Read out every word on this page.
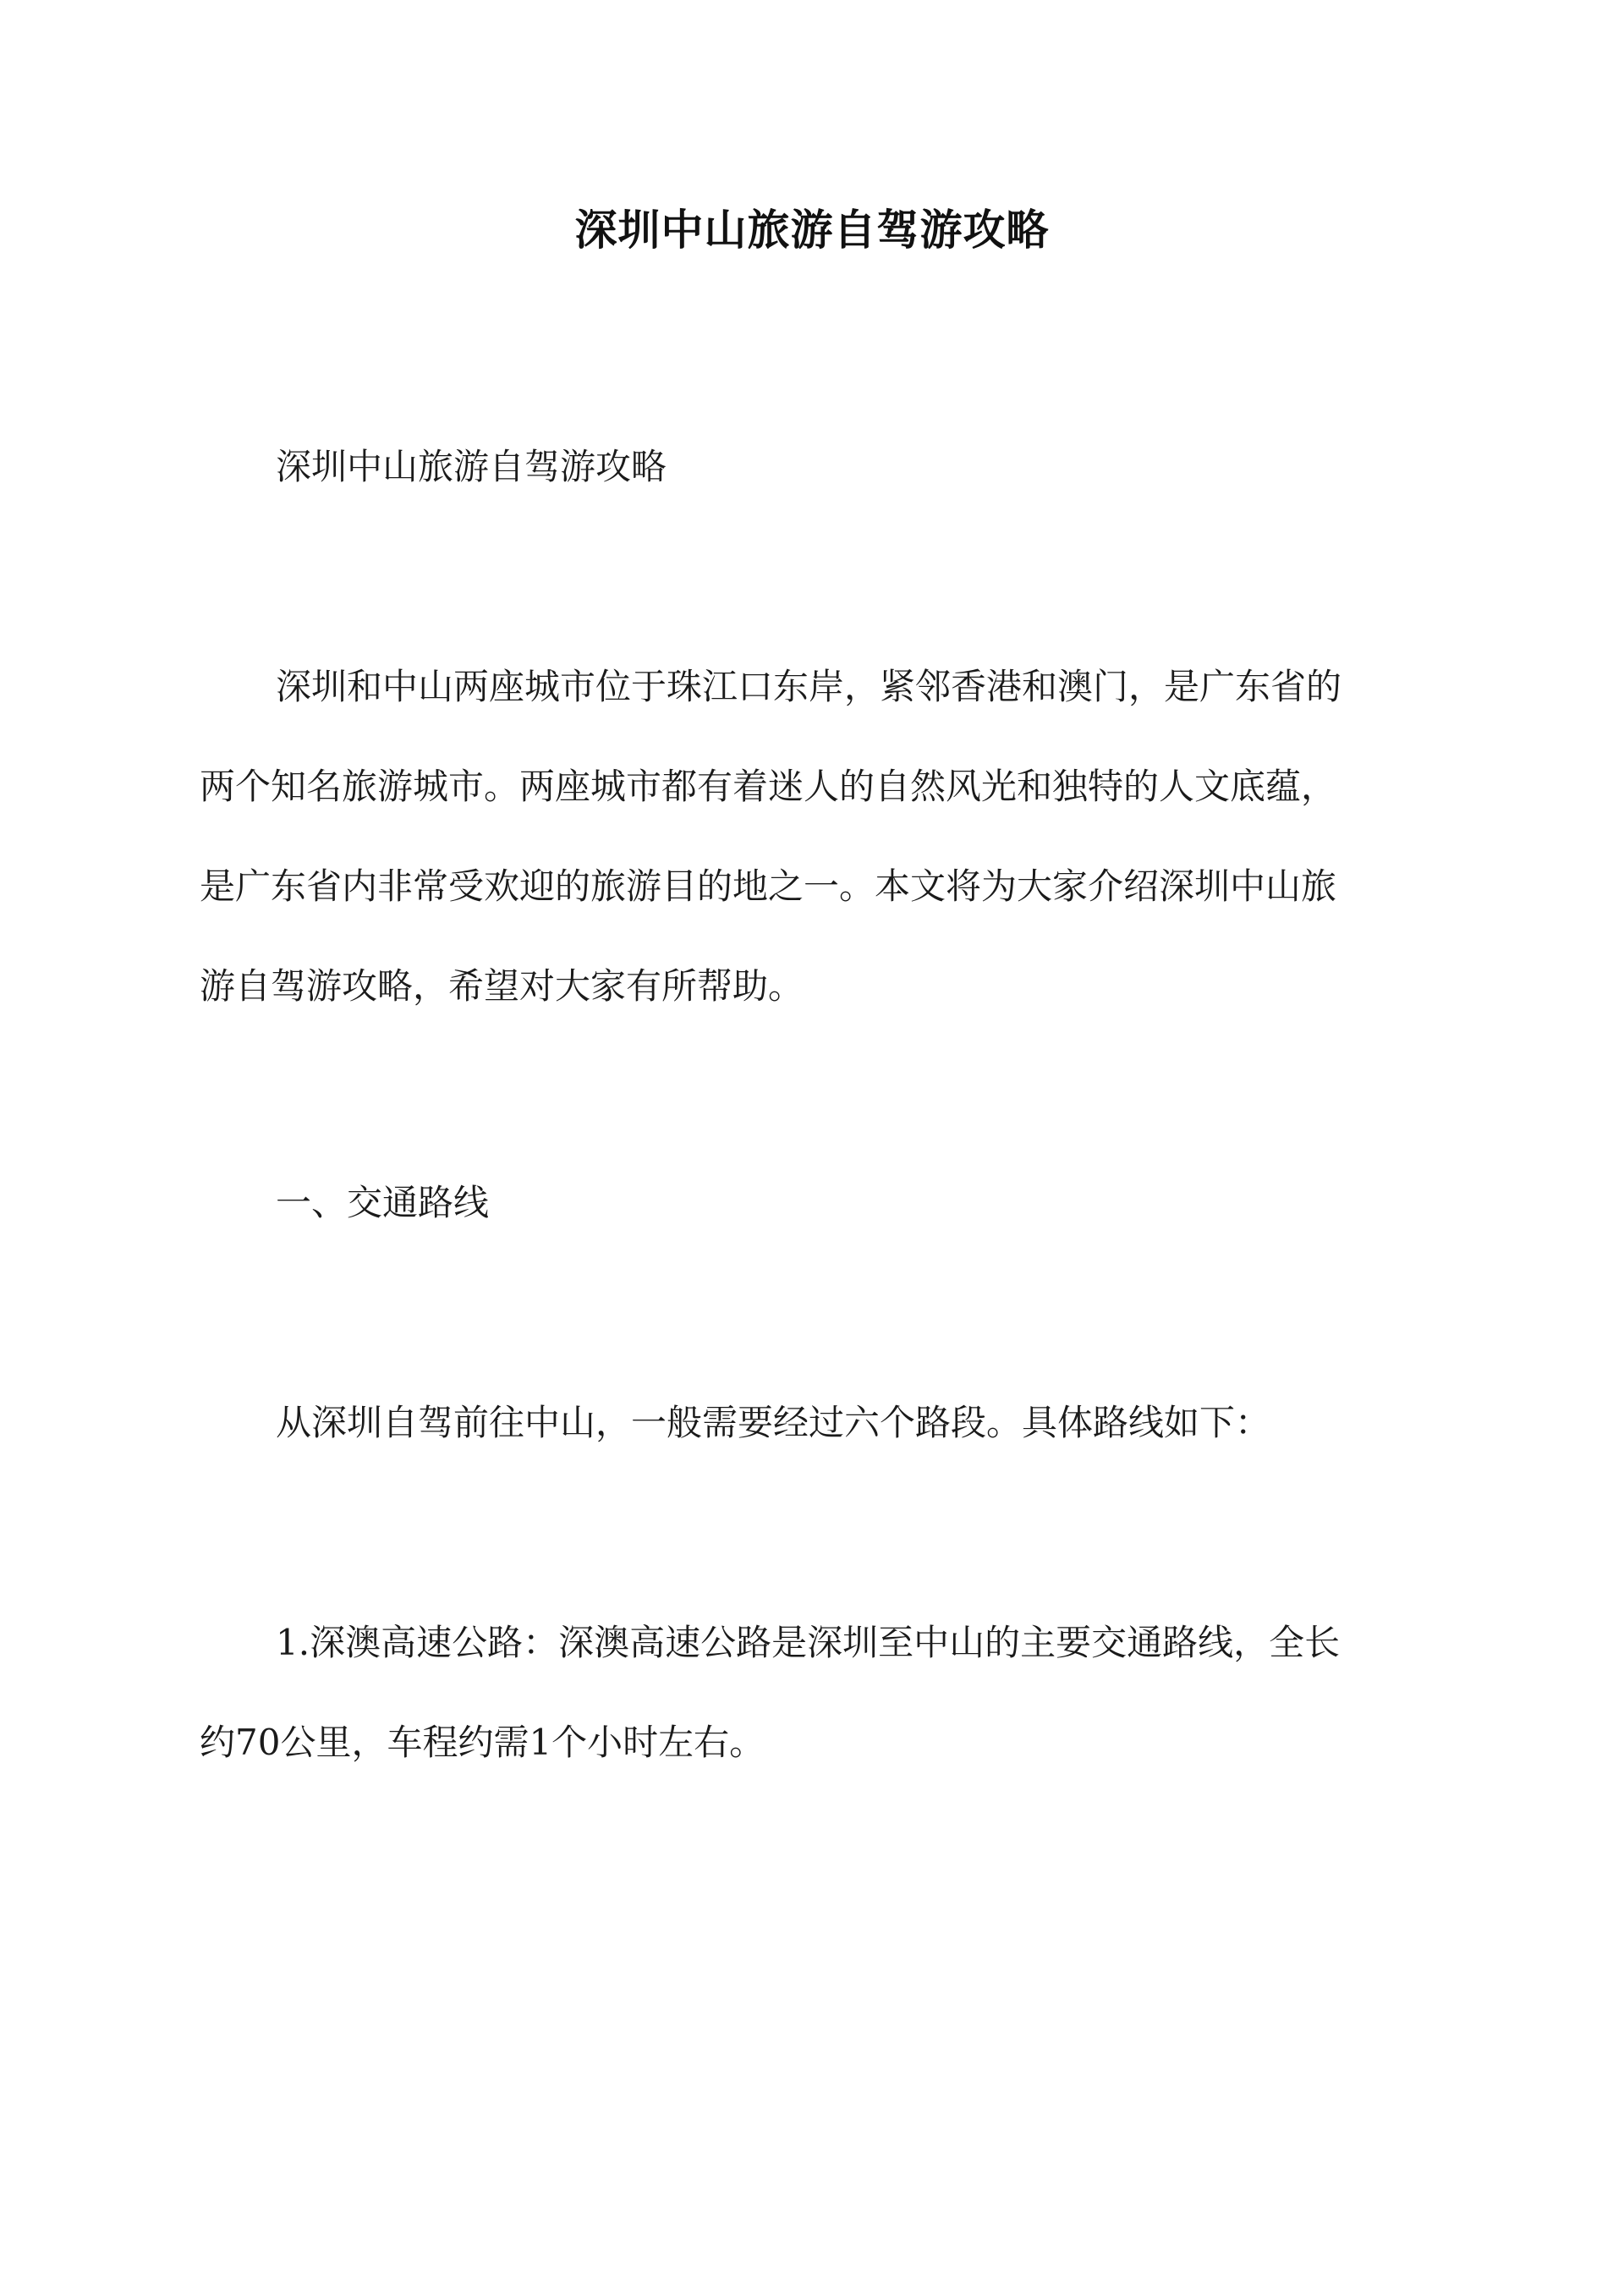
深圳中山旅游自驾游攻略

深圳中山旅游自驾游攻略

深圳和中山两座城市位于珠江口东岸，紧邻香港和澳门，是广东省的
两个知名旅游城市。两座城市都有着迷人的自然风光和独特的人文底蕴，
是广东省内非常受欢迎的旅游目的地之一。本文将为大家介绍深圳中山旅
游自驾游攻略，希望对大家有所帮助。

一、交通路线

从深圳自驾前往中山，一般需要经过六个路段。具体路线如下：

1.深澳高速公路：深澳高速公路是深圳至中山的主要交通路线，全长
约70公里，车程约需1个小时左右。
